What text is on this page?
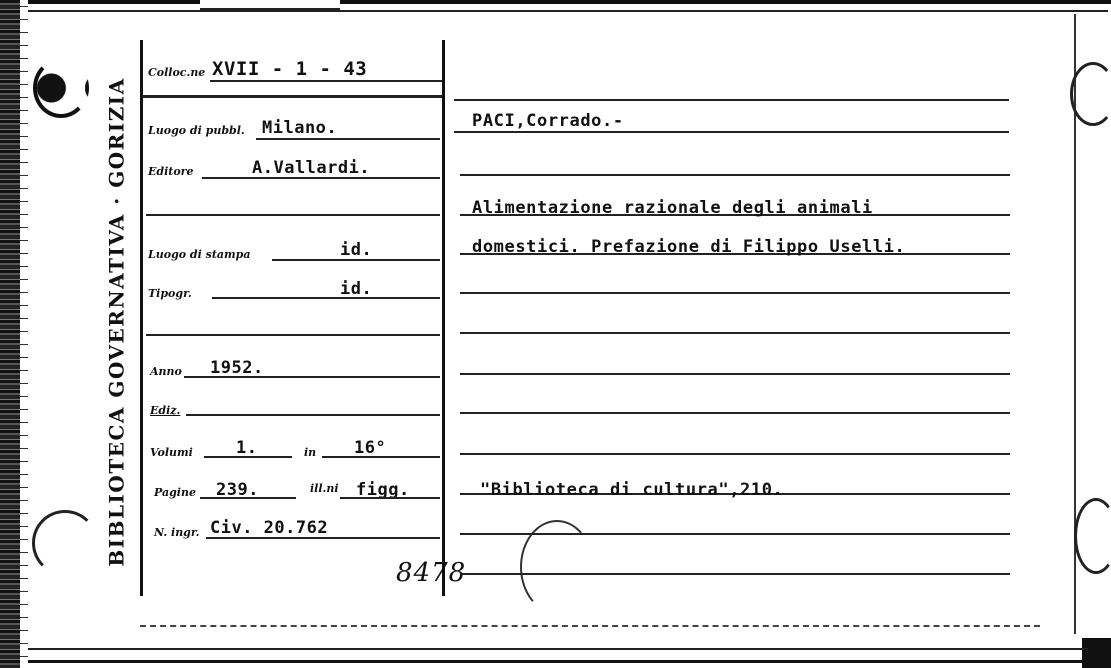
BIBLIOTECA GOVERNATIVA · GORIZIA
Colloc.ne XVII - 1 - 43
Luogo di pubbl. Milano.
Editore	A.Vallardi.
Luogo di stampa	id.
Tipogr.	id.
Anno 1952.
Ediz.
Volumi	1.	in 16°
Pagine 239.	ill.ni figg.
N. ingr. Civ. 20.762
8478
PACI,Corrado.-
Alimentazione razionale degli animali
domestici. Prefazione di Filippo Uselli.
"Biblioteca di cultura",210.
